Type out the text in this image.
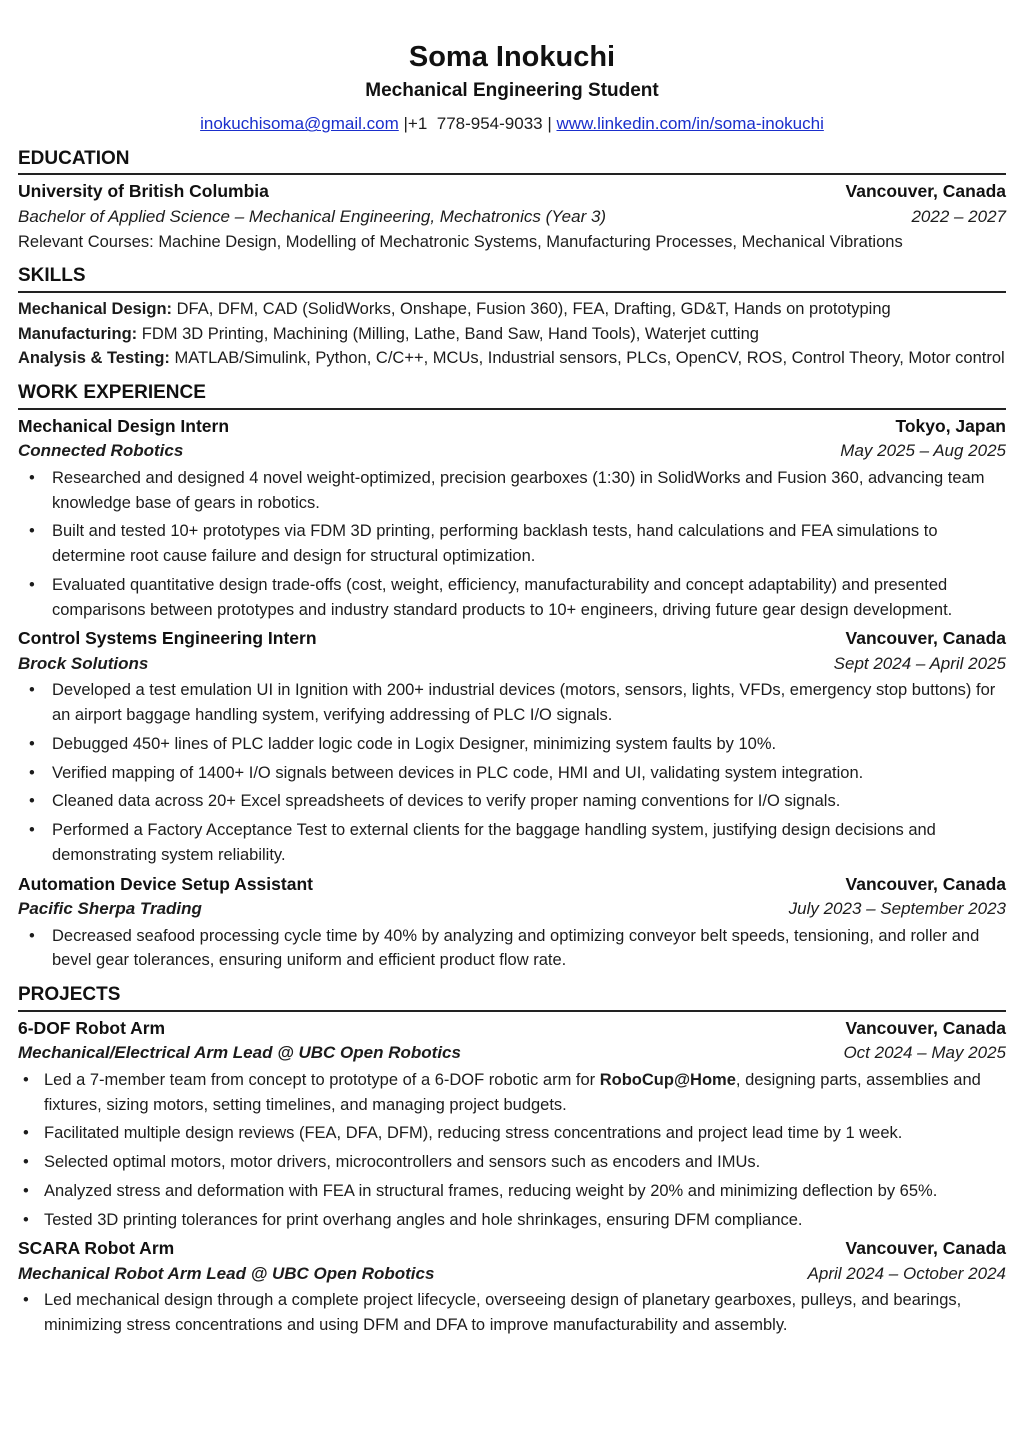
Soma Inokuchi
Mechanical Engineering Student
inokuchisoma@gmail.com |+1  778-954-9033 | www.linkedin.com/in/soma-inokuchi
EDUCATION
University of British Columbia	Vancouver, Canada
Bachelor of Applied Science – Mechanical Engineering, Mechatronics (Year 3)	2022 – 2027
Relevant Courses: Machine Design, Modelling of Mechatronic Systems, Manufacturing Processes, Mechanical Vibrations
SKILLS
Mechanical Design: DFA, DFM, CAD (SolidWorks, Onshape, Fusion 360), FEA, Drafting, GD&T, Hands on prototyping
Manufacturing: FDM 3D Printing, Machining (Milling, Lathe, Band Saw, Hand Tools), Waterjet cutting
Analysis & Testing: MATLAB/Simulink, Python, C/C++, MCUs, Industrial sensors, PLCs, OpenCV, ROS, Control Theory, Motor control
WORK EXPERIENCE
Mechanical Design Intern	Tokyo, Japan
Connected Robotics	May 2025 – Aug 2025
• Researched and designed 4 novel weight-optimized, precision gearboxes (1:30) in SolidWorks and Fusion 360, advancing team knowledge base of gears in robotics.
• Built and tested 10+ prototypes via FDM 3D printing, performing backlash tests, hand calculations and FEA simulations to determine root cause failure and design for structural optimization.
• Evaluated quantitative design trade-offs (cost, weight, efficiency, manufacturability and concept adaptability) and presented comparisons between prototypes and industry standard products to 10+ engineers, driving future gear design development.
Control Systems Engineering Intern	Vancouver, Canada
Brock Solutions	Sept 2024 – April 2025
• Developed a test emulation UI in Ignition with 200+ industrial devices (motors, sensors, lights, VFDs, emergency stop buttons) for an airport baggage handling system, verifying addressing of PLC I/O signals.
• Debugged 450+ lines of PLC ladder logic code in Logix Designer, minimizing system faults by 10%.
• Verified mapping of 1400+ I/O signals between devices in PLC code, HMI and UI, validating system integration.
• Cleaned data across 20+ Excel spreadsheets of devices to verify proper naming conventions for I/O signals.
• Performed a Factory Acceptance Test to external clients for the baggage handling system, justifying design decisions and demonstrating system reliability.
Automation Device Setup Assistant	Vancouver, Canada
Pacific Sherpa Trading	July 2023 – September 2023
• Decreased seafood processing cycle time by 40% by analyzing and optimizing conveyor belt speeds, tensioning, and roller and bevel gear tolerances, ensuring uniform and efficient product flow rate.
PROJECTS
6-DOF Robot Arm	Vancouver, Canada
Mechanical/Electrical Arm Lead @ UBC Open Robotics	Oct 2024 – May 2025
• Led a 7-member team from concept to prototype of a 6-DOF robotic arm for RoboCup@Home, designing parts, assemblies and fixtures, sizing motors, setting timelines, and managing project budgets.
• Facilitated multiple design reviews (FEA, DFA, DFM), reducing stress concentrations and project lead time by 1 week.
• Selected optimal motors, motor drivers, microcontrollers and sensors such as encoders and IMUs.
• Analyzed stress and deformation with FEA in structural frames, reducing weight by 20% and minimizing deflection by 65%.
• Tested 3D printing tolerances for print overhang angles and hole shrinkages, ensuring DFM compliance.
SCARA Robot Arm	Vancouver, Canada
Mechanical Robot Arm Lead @ UBC Open Robotics	April 2024 – October 2024
• Led mechanical design through a complete project lifecycle, overseeing design of planetary gearboxes, pulleys, and bearings, minimizing stress concentrations and using DFM and DFA to improve manufacturability and assembly.
